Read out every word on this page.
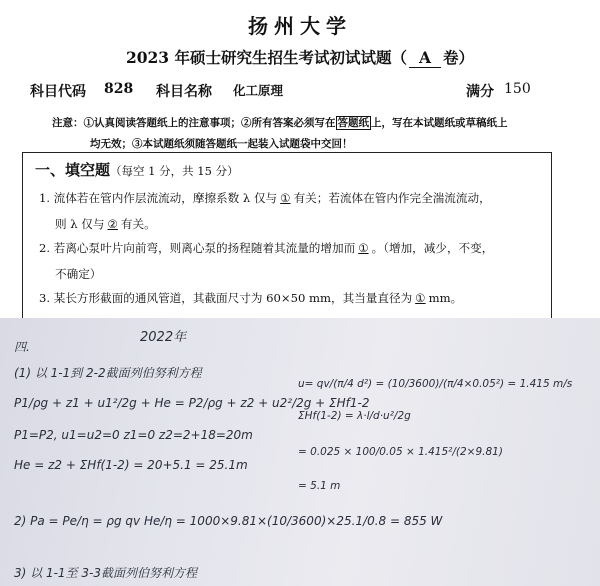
扬州大学
2023 年硕士研究生招生考试初试试题（ A 卷）
科目代码 828 科目名称 化工原理	满分 150
注意：①认真阅读答题纸上的注意事项；②所有答案必须写在 答题纸 上，写在本试题纸或草稿纸上
均无效；③本试题纸须随答题纸一起装入试题袋中交回！
一、填空题（每空 1 分，共 15 分）
1. 流体若在管内作层流流动，摩擦系数 λ 仅与 ① 有关；若流体在管内作完全湍流流动，
则 λ 仅与 ② 有关。
2. 若离心泵叶片向前弯，则离心泵的扬程随着其流量的增加而 ① 。（增加，减少，不变，
不确定）
3. 某长方形截面的通风管道，其截面尺寸为 60×50 mm，其当量直径为 ① mm。
2022年
四.
(1) 以 1-1到 2-2截面列伯努利方程
P1/ρg + z1 + u1²/2g + He = P2/ρg + z2 + u2²/2g + ΣHf1-2
P1=P2, u1=u2=0 z1=0 z2=2+18=20m
He = z2 + ΣHf(1-2) = 20+5.1 = 25.1m
u= qv/(π/4 d²) = (10/3600)/(π/4×0.05²) = 1.415 m/s
ΣHf(1-2) = λ·l/d·u²/2g
= 0.025 × 100/0.05 × 1.415²/(2×9.81)
= 5.1 m
2) Pa = Pe/η = ρg qv He/η = 1000×9.81×(10/3600)×25.1/0.8 = 855 W
3) 以 1-1至 3-3截面列伯努利方程
